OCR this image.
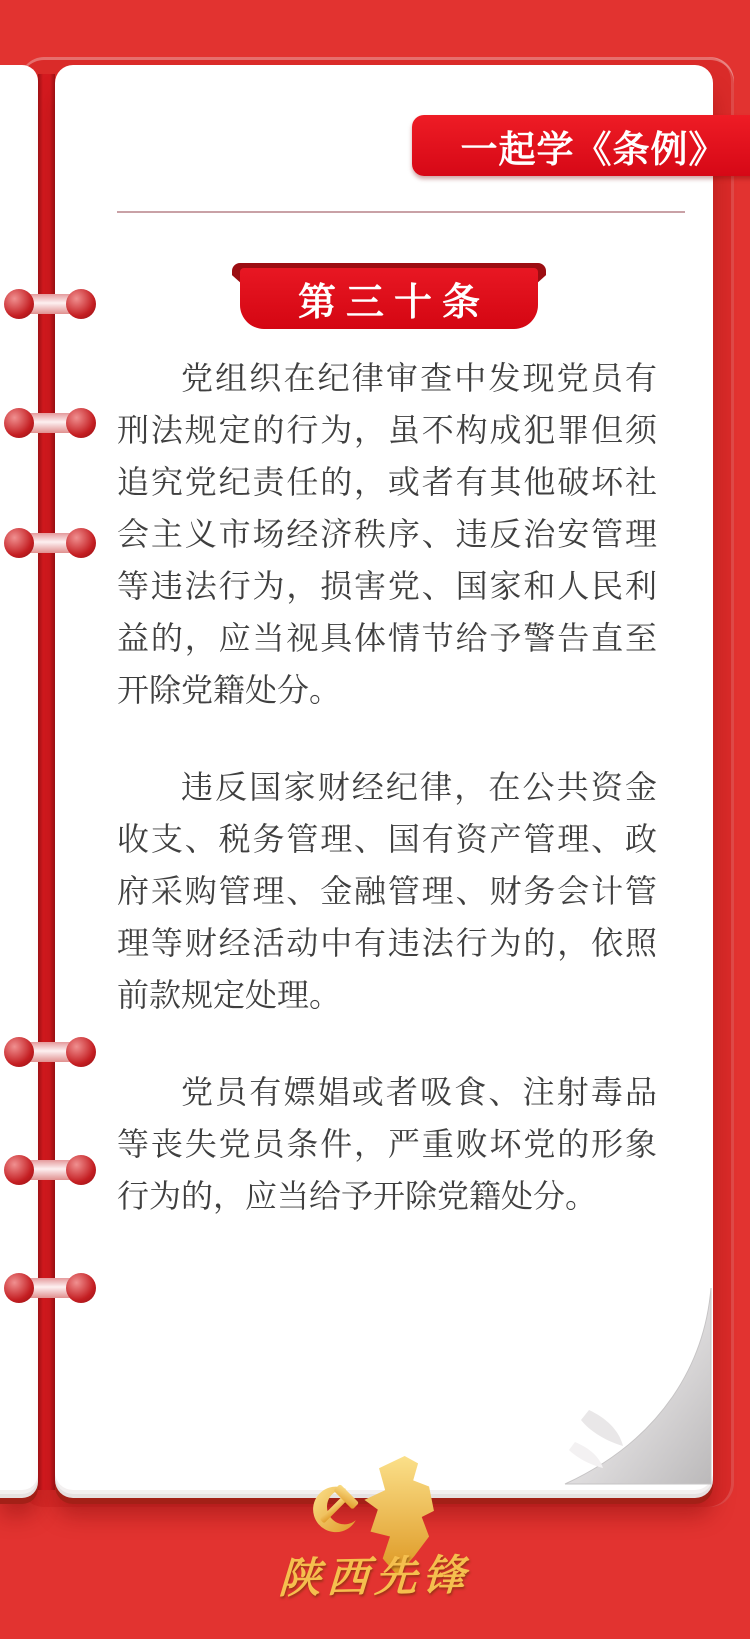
一起学《条例》
第三十条

党组织在纪律审查中发现党员有刑法规定的行为，虽不构成犯罪但须追究党纪责任的，或者有其他破坏社会主义市场经济秩序、违反治安管理等违法行为，损害党、国家和人民利益的，应当视具体情节给予警告直至开除党籍处分。

违反国家财经纪律，在公共资金收支、税务管理、国有资产管理、政府采购管理、金融管理、财务会计管理等财经活动中有违法行为的，依照前款规定处理。

党员有嫖娼或者吸食、注射毒品等丧失党员条件，严重败坏党的形象行为的，应当给予开除党籍处分。

陕西先锋
